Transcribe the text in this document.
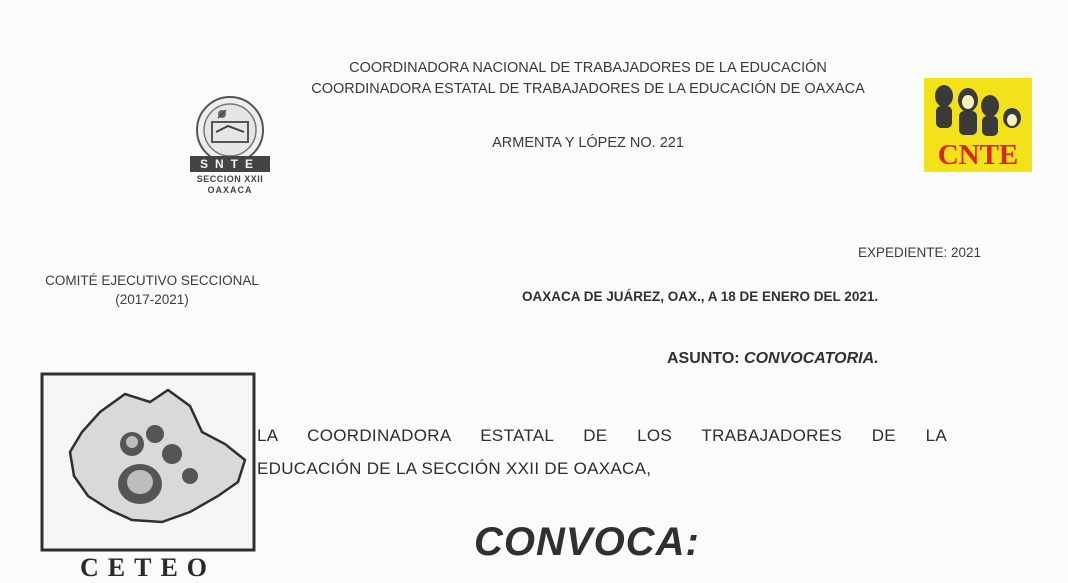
COORDINADORA NACIONAL DE TRABAJADORES DE LA EDUCACIÓN
COORDINADORA ESTATAL DE TRABAJADORES DE LA EDUCACIÓN DE OAXACA
ARMENTA Y LÓPEZ NO. 221
SNTE
SECCION XXII
OAXACA
CNTE
EXPEDIENTE: 2021
COMITÉ EJECUTIVO SECCIONAL
(2017-2021)	OAXACA DE JUÁREZ, OAX., A 18 DE ENERO DEL 2021.
ASUNTO: CONVOCATORIA.
CETEO
LA COORDINADORA ESTATAL DE LOS TRABAJADORES DE LA
EDUCACIÓN DE LA SECCIÓN XXII DE OAXACA,
CONVOCA:
